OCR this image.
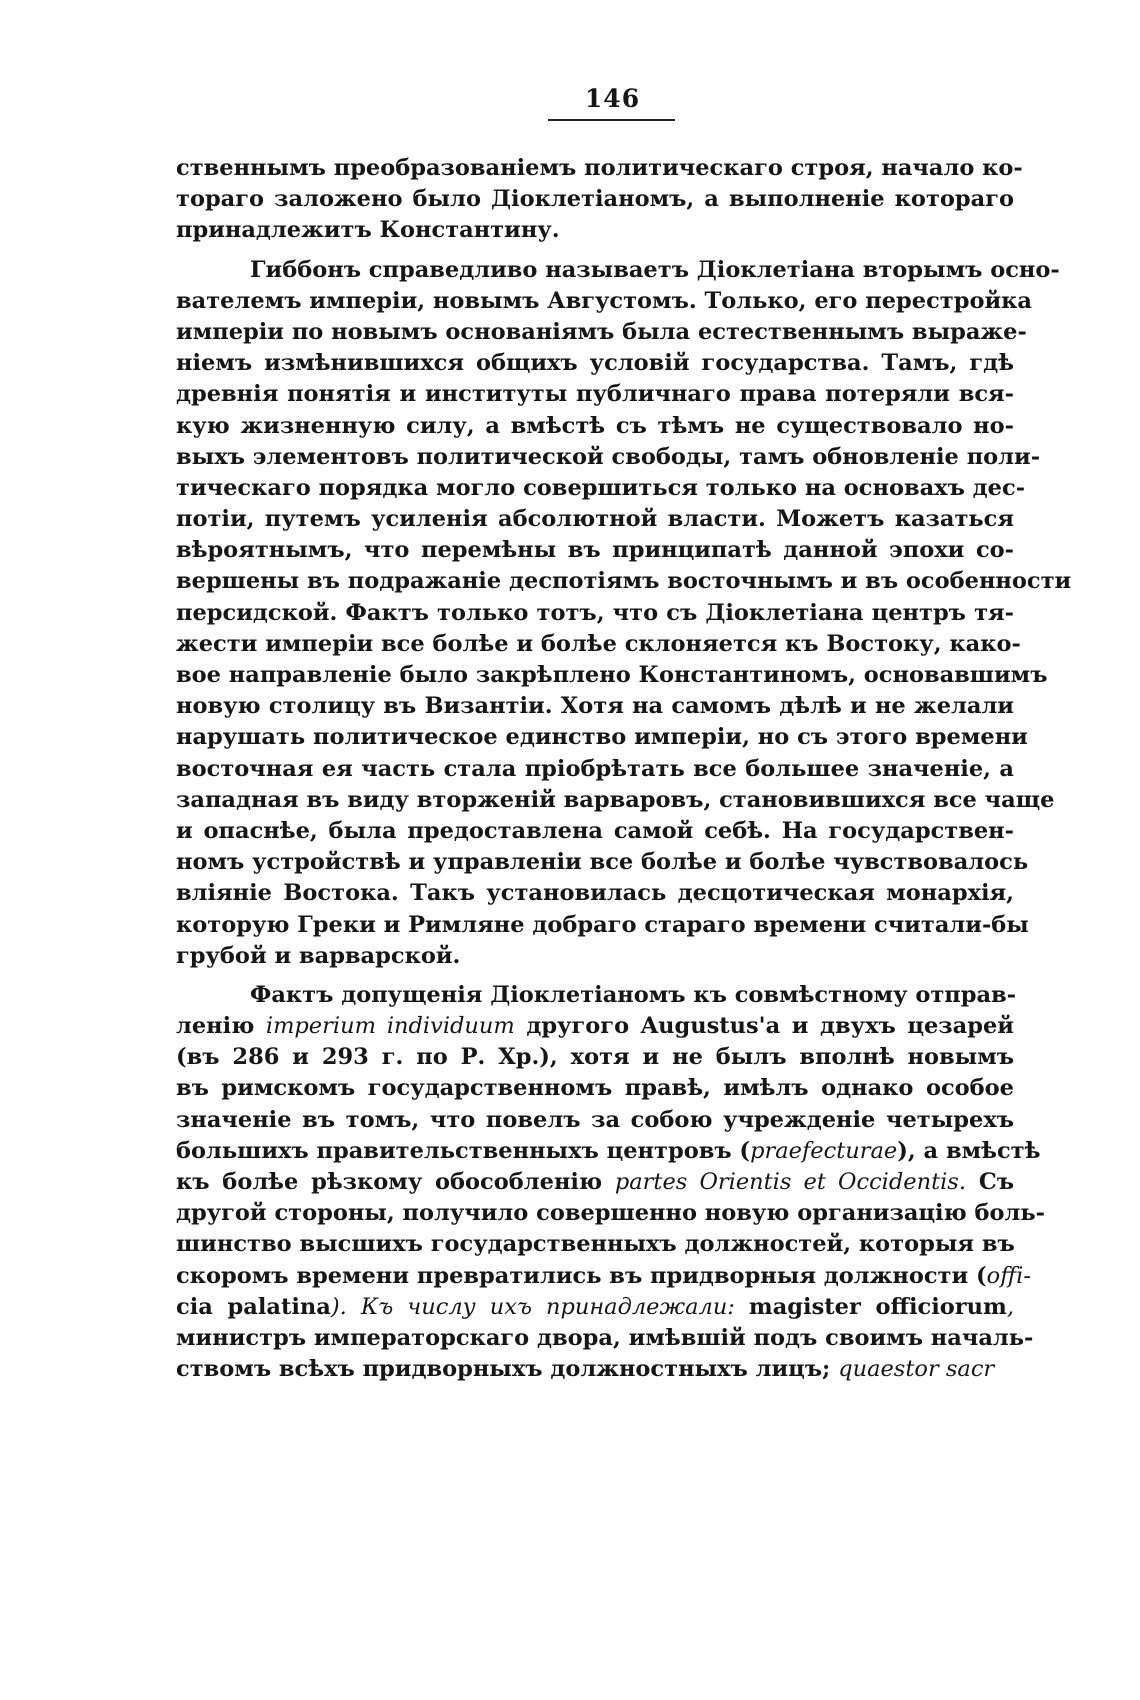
146
ственнымъ преобразованіемъ политическаго строя, начало ко-
тораго заложено было Діоклетіаномъ, а выполненіе котораго
принадлежитъ Константину.
Гиббонъ справедливо называетъ Діоклетіана вторымъ осно-
вателемъ имперіи, новымъ Августомъ. Только, его перестройка
имперіи по новымъ основаніямъ была естественнымъ выраже-
ніемъ измѣнившихся общихъ условій государства. Тамъ, гдѣ
древнія понятія и институты публичнаго права потеряли вся-
кую жизненную силу, а вмѣстѣ съ тѣмъ не существовало но-
выхъ элементовъ политической свободы, тамъ обновленіе поли-
тическаго порядка могло совершиться только на основахъ дес-
потіи, путемъ усиленія абсолютной власти. Можетъ казаться
вѣроятнымъ, что перемѣны въ принципатѣ данной эпохи со-
вершены въ подражаніе деспотіямъ восточнымъ и въ особенности
персидской. Фактъ только тотъ, что съ Діоклетіана центръ тя-
жести имперіи все болѣе и болѣе склоняется къ Востоку, како-
вое направленіе было закрѣплено Константиномъ, основавшимъ
новую столицу въ Византіи. Хотя на самомъ дѣлѣ и не желали
нарушать политическое единство имперіи, но съ этого времени
восточная ея часть стала пріобрѣтать все большее значеніе, а
западная въ виду вторженій варваровъ, становившихся все чаще
и опаснѣе, была предоставлена самой себѣ. На государствен-
номъ устройствѣ и управленіи все болѣе и болѣе чувствовалось
вліяніе Востока. Такъ установилась десцотическая монархія,
которую Греки и Римляне добраго стараго времени считали-бы
грубой и варварской.
Фактъ допущенія Діоклетіаномъ къ совмѣстному отправ-
ленію imperium individuum другого Augustus'а и двухъ цезарей
(въ 286 и 293 г. по Р. Хр.), хотя и не былъ вполнѣ новымъ
въ римскомъ государственномъ правѣ, имѣлъ однако особое
значеніе въ томъ, что повелъ за собою учрежденіе четырехъ
большихъ правительственныхъ центровъ (praefecturae), а вмѣстѣ
къ болѣе рѣзкому обособленію partes Orientis et Occidentis. Съ
другой стороны, получило совершенно новую организацію боль-
шинство высшихъ государственныхъ должностей, которыя въ
скоромъ времени превратились въ придворныя должности (offi-
cia palatina). Къ числу ихъ принадлежали: magister officiorum,
министръ императорскаго двора, имѣвшій подъ своимъ началь-
ствомъ всѣхъ придворныхъ должностныхъ лицъ; quaestor sacr
